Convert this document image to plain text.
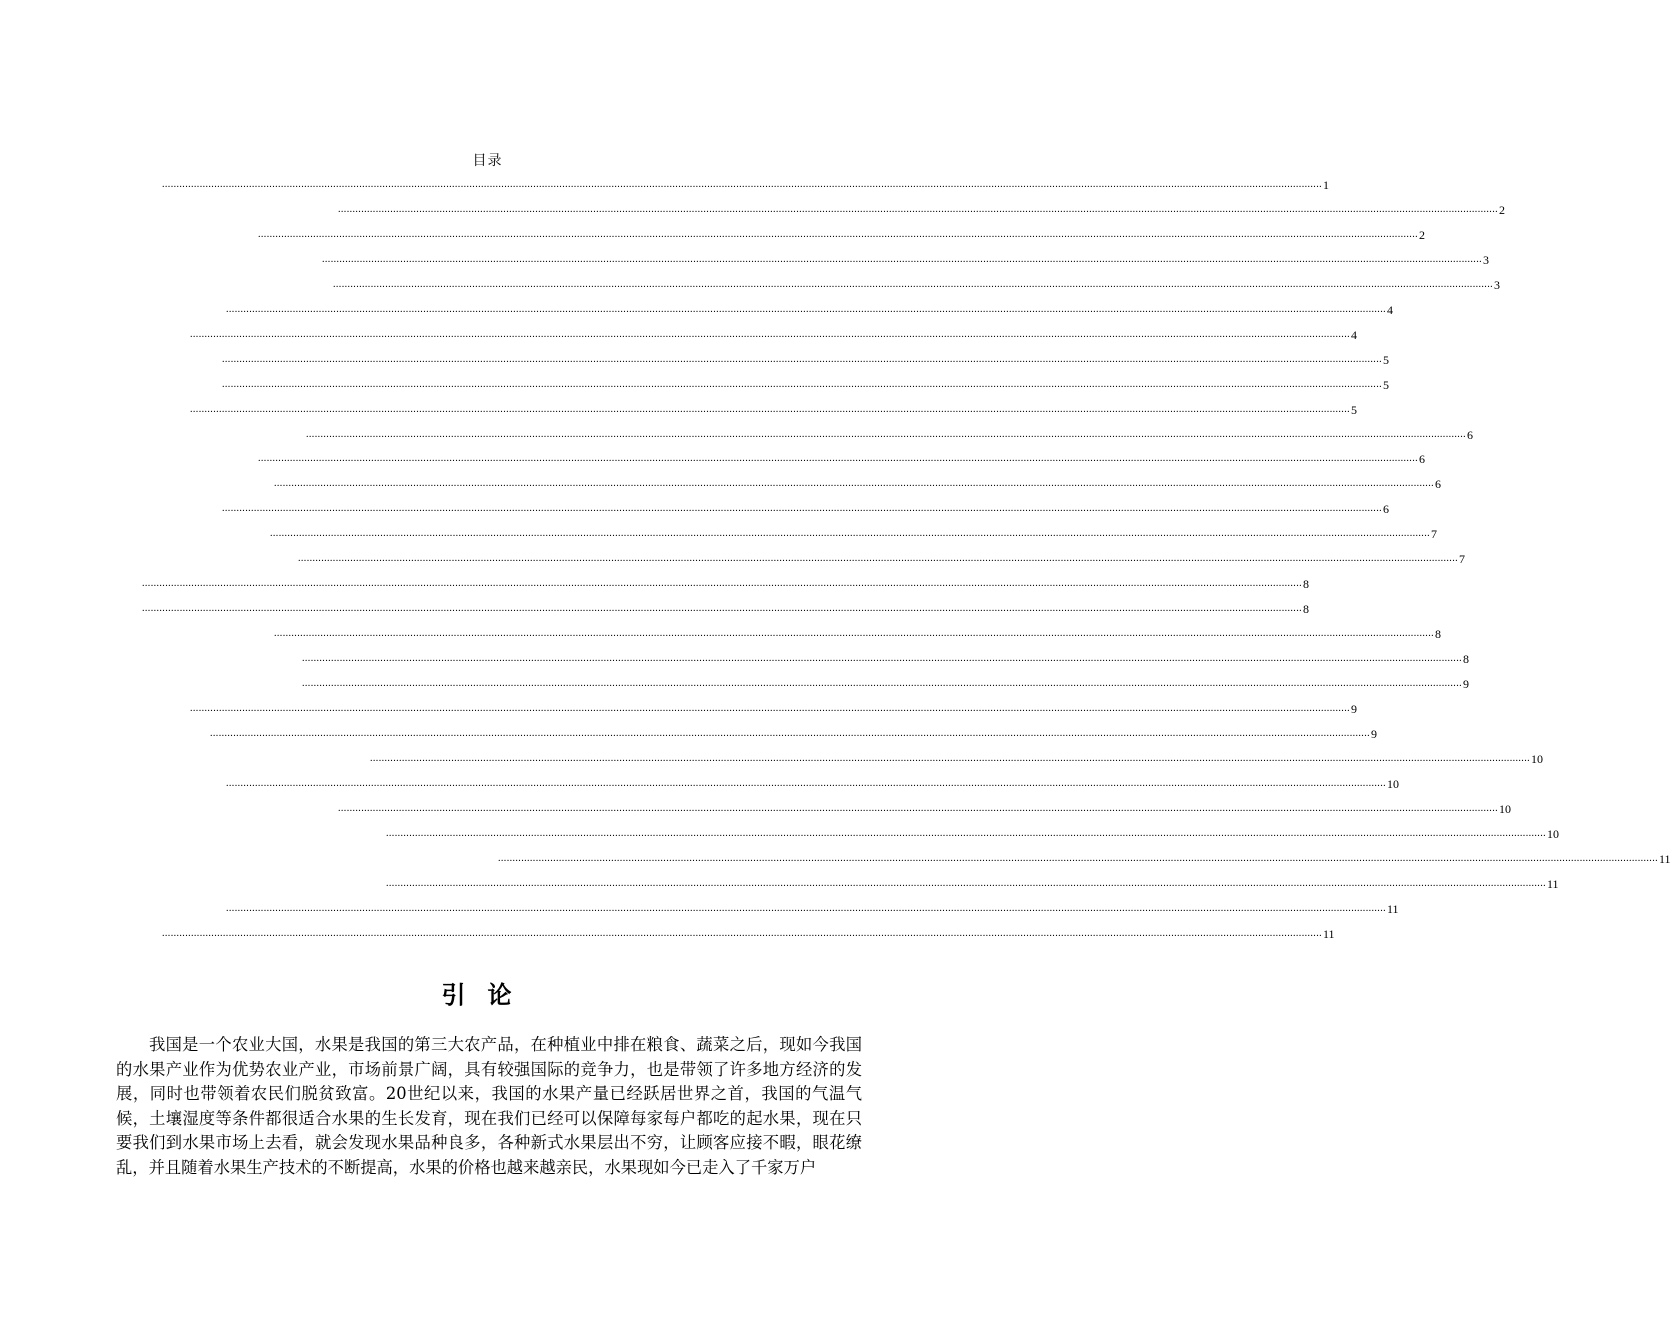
目录
................................................................................................................................................................................................................................................................................................................................................................................................................ 1
................................................................................................................................................................................................................................................................................................................................................................................................................ 2
................................................................................................................................................................................................................................................................................................................................................................................................................ 2
................................................................................................................................................................................................................................................................................................................................................................................................................ 3
................................................................................................................................................................................................................................................................................................................................................................................................................ 3
................................................................................................................................................................................................................................................................................................................................................................................................................ 4
................................................................................................................................................................................................................................................................................................................................................................................................................ 4
................................................................................................................................................................................................................................................................................................................................................................................................................ 5
................................................................................................................................................................................................................................................................................................................................................................................................................ 5
................................................................................................................................................................................................................................................................................................................................................................................................................ 5
................................................................................................................................................................................................................................................................................................................................................................................................................ 6
................................................................................................................................................................................................................................................................................................................................................................................................................ 6
................................................................................................................................................................................................................................................................................................................................................................................................................ 6
................................................................................................................................................................................................................................................................................................................................................................................................................ 6
................................................................................................................................................................................................................................................................................................................................................................................................................ 7
................................................................................................................................................................................................................................................................................................................................................................................................................ 7
................................................................................................................................................................................................................................................................................................................................................................................................................ 8
................................................................................................................................................................................................................................................................................................................................................................................................................ 8
................................................................................................................................................................................................................................................................................................................................................................................................................ 8
................................................................................................................................................................................................................................................................................................................................................................................................................ 8
................................................................................................................................................................................................................................................................................................................................................................................................................ 9
................................................................................................................................................................................................................................................................................................................................................................................................................ 9
................................................................................................................................................................................................................................................................................................................................................................................................................ 9
................................................................................................................................................................................................................................................................................................................................................................................................................ 10
................................................................................................................................................................................................................................................................................................................................................................................................................ 10
................................................................................................................................................................................................................................................................................................................................................................................................................ 10
................................................................................................................................................................................................................................................................................................................................................................................................................ 10
................................................................................................................................................................................................................................................................................................................................................................................................................ 11
................................................................................................................................................................................................................................................................................................................................................................................................................ 11
................................................................................................................................................................................................................................................................................................................................................................................................................ 11
................................................................................................................................................................................................................................................................................................................................................................................................................ 11
引论
我国是一个农业大国，水果是我国的第三大农产品，在种植业中排在粮食、蔬菜之后，现如今我国的水果产业作为优势农业产业，市场前景广阔，具有较强国际的竞争力，也是带领了许多地方经济的发展，同时也带领着农民们脱贫致富。20世纪以来，我国的水果产量已经跃居世界之首，我国的气温气候，土壤湿度等条件都很适合水果的生长发育，现在我们已经可以保障每家每户都吃的起水果，现在只要我们到水果市场上去看，就会发现水果品种良多，各种新式水果层出不穷，让顾客应接不暇，眼花缭乱，并且随着水果生产技术的不断提高，水果的价格也越来越亲民，水果现如今已走入了千家万户
